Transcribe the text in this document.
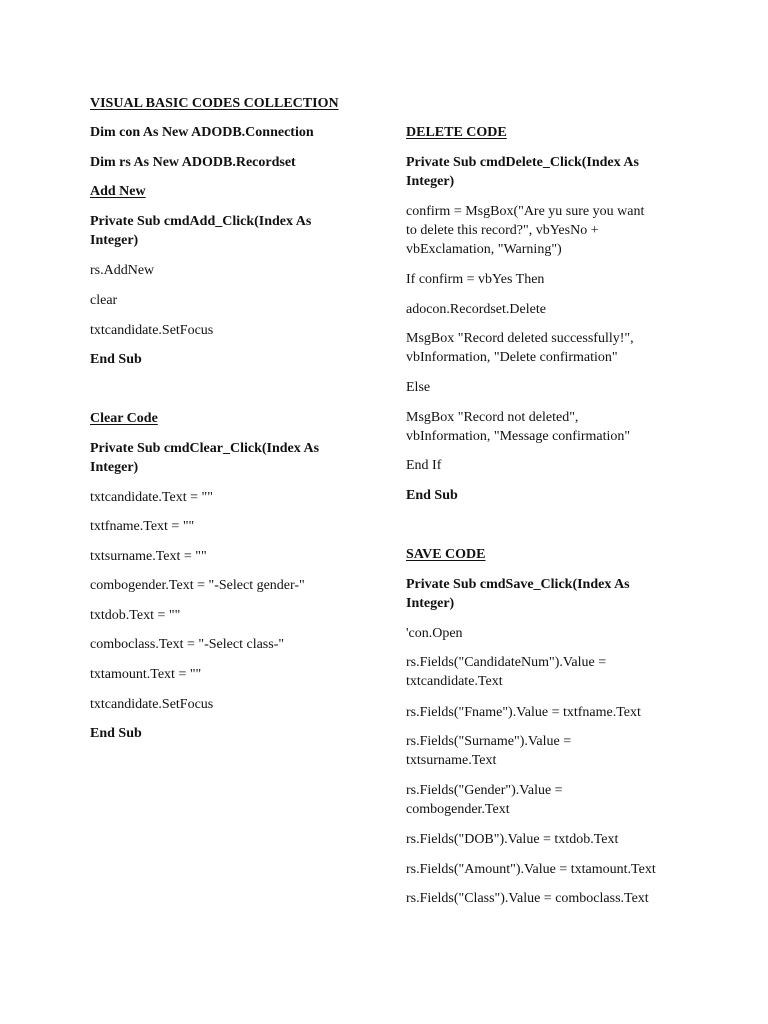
VISUAL BASIC CODES COLLECTION
Dim con As New ADODB.Connection
Dim rs As New ADODB.Recordset
Add New
Private Sub cmdAdd_Click(Index As Integer)
rs.AddNew
clear
txtcandidate.SetFocus
End Sub
Clear Code
Private Sub cmdClear_Click(Index As Integer)
txtcandidate.Text = ""
txtfname.Text = ""
txtsurname.Text = ""
combogender.Text = "-Select gender-"
txtdob.Text = ""
comboclass.Text = "-Select class-"
txtamount.Text = ""
txtcandidate.SetFocus
End Sub
DELETE CODE
Private Sub cmdDelete_Click(Index As Integer)
confirm = MsgBox("Are yu sure you want to delete this record?", vbYesNo + vbExclamation, "Warning")
If confirm = vbYes Then
adocon.Recordset.Delete
MsgBox "Record deleted successfully!", vbInformation, "Delete confirmation"
Else
MsgBox "Record not deleted", vbInformation, "Message confirmation"
End If
End Sub
SAVE CODE
Private Sub cmdSave_Click(Index As Integer)
'con.Open
rs.Fields("CandidateNum").Value = txtcandidate.Text
rs.Fields("Fname").Value = txtfname.Text
rs.Fields("Surname").Value = txtsurname.Text
rs.Fields("Gender").Value = combogender.Text
rs.Fields("DOB").Value = txtdob.Text
rs.Fields("Amount").Value = txtamount.Text
rs.Fields("Class").Value = comboclass.Text
